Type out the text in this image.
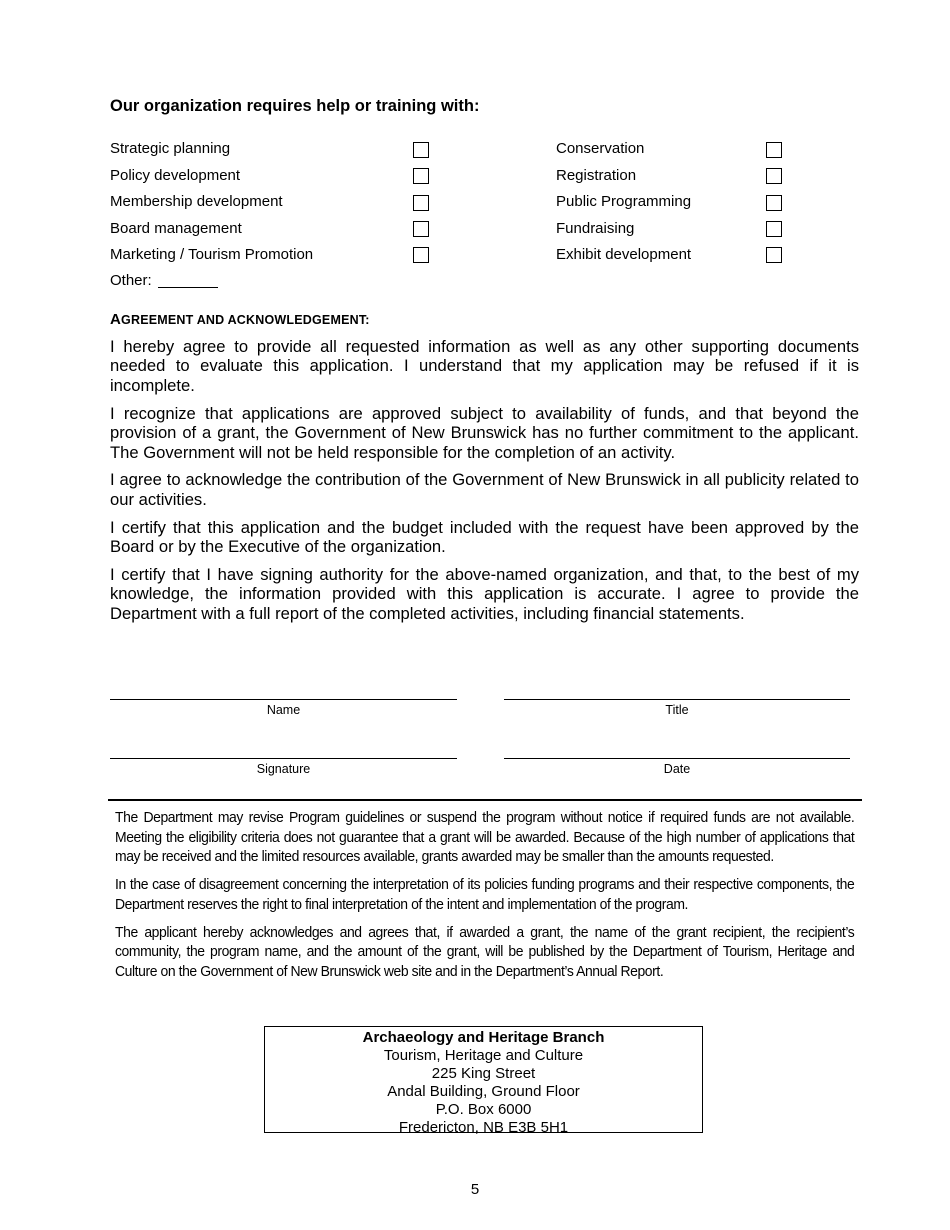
Our organization requires help or training with:
Strategic planning
Policy development
Membership development
Board management
Marketing / Tourism Promotion
Conservation
Registration
Public Programming
Fundraising
Exhibit development
Other:
AGREEMENT AND ACKNOWLEDGEMENT:

I hereby agree to provide all requested information as well as any other supporting documents needed to evaluate this application. I understand that my application may be refused if it is incomplete.

I recognize that applications are approved subject to availability of funds, and that beyond the provision of a grant, the Government of New Brunswick has no further commitment to the applicant. The Government will not be held responsible for the completion of an activity.

I agree to acknowledge the contribution of the Government of New Brunswick in all publicity related to our activities.

I certify that this application and the budget included with the request have been approved by the Board or by the Executive of the organization.

I certify that I have signing authority for the above-named organization, and that, to the best of my knowledge, the information provided with this application is accurate. I agree to provide the Department with a full report of the completed activities, including financial statements.

Name	Title
Signature	Date

The Department may revise Program guidelines or suspend the program without notice if required funds are not available. Meeting the eligibility criteria does not guarantee that a grant will be awarded. Because of the high number of applications that may be received and the limited resources available, grants awarded may be smaller than the amounts requested.

In the case of disagreement concerning the interpretation of its policies funding programs and their respective components, the Department reserves the right to final interpretation of the intent and implementation of the program.

The applicant hereby acknowledges and agrees that, if awarded a grant, the name of the grant recipient, the recipient’s community, the program name, and the amount of the grant, will be published by the Department of Tourism, Heritage and Culture on the Government of New Brunswick web site and in the Department’s Annual Report.

Archaeology and Heritage Branch
Tourism, Heritage and Culture
225 King Street
Andal Building, Ground Floor
P.O. Box 6000
Fredericton, NB E3B 5H1
5
